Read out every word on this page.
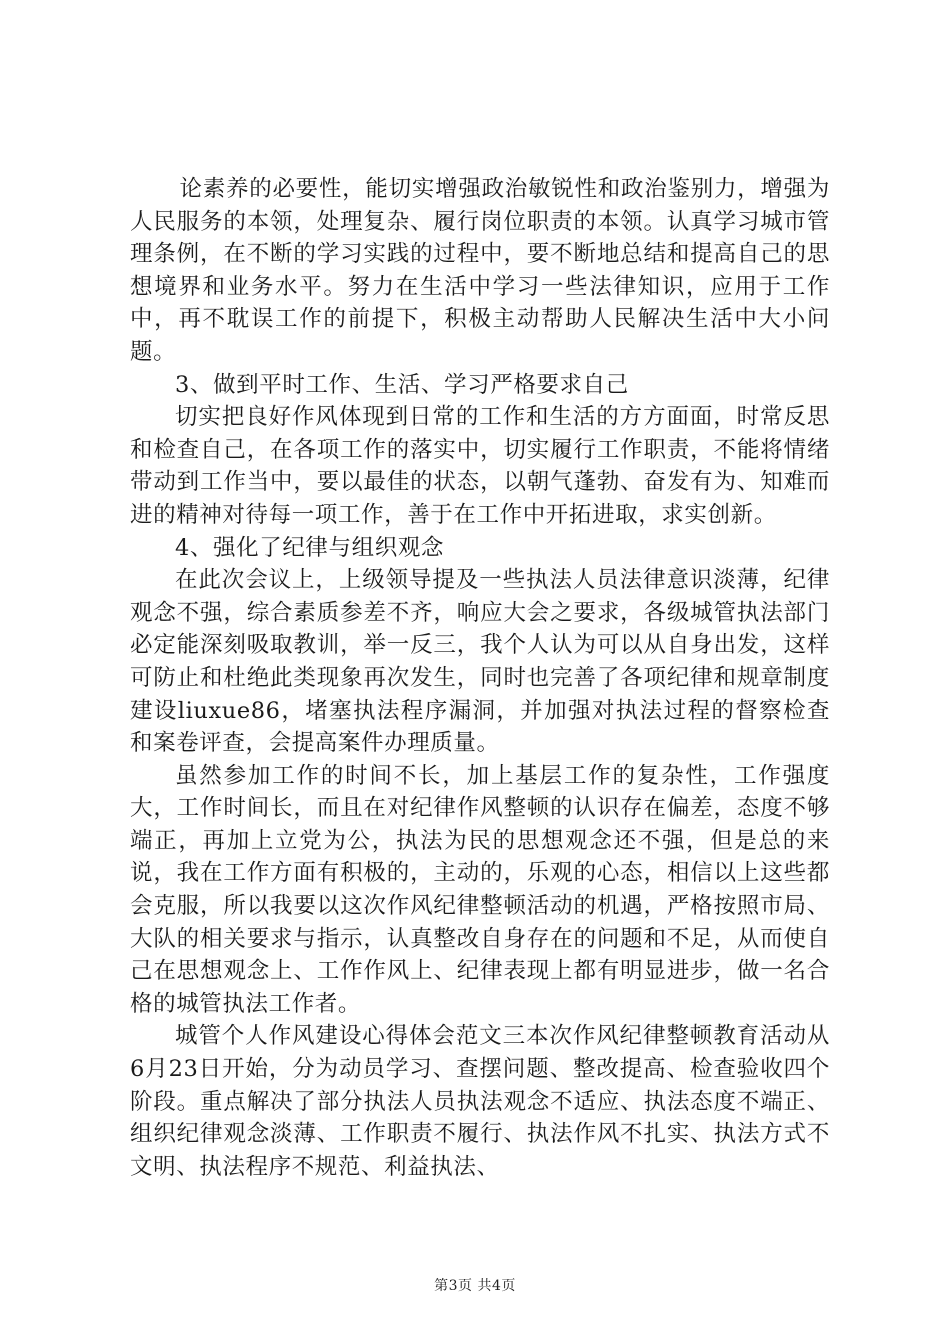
论素养的必要性，能切实增强政治敏锐性和政治鉴别力，增强为人民服务的本领，处理复杂、履行岗位职责的本领。认真学习城市管理条例，在不断的学习实践的过程中，要不断地总结和提高自己的思想境界和业务水平。努力在生活中学习一些法律知识，应用于工作中，再不耽误工作的前提下，积极主动帮助人民解决生活中大小问题。

3、做到平时工作、生活、学习严格要求自己

切实把良好作风体现到日常的工作和生活的方方面面，时常反思和检查自己，在各项工作的落实中，切实履行工作职责，不能将情绪带动到工作当中，要以最佳的状态，以朝气蓬勃、奋发有为、知难而进的精神对待每一项工作，善于在工作中开拓进取，求实创新。

4、强化了纪律与组织观念

在此次会议上，上级领导提及一些执法人员法律意识淡薄，纪律观念不强，综合素质参差不齐，响应大会之要求，各级城管执法部门必定能深刻吸取教训，举一反三，我个人认为可以从自身出发，这样可防止和杜绝此类现象再次发生，同时也完善了各项纪律和规章制度建设liuxue86，堵塞执法程序漏洞，并加强对执法过程的督察检查和案卷评查，会提高案件办理质量。

虽然参加工作的时间不长，加上基层工作的复杂性，工作强度大，工作时间长，而且在对纪律作风整顿的认识存在偏差，态度不够端正，再加上立党为公，执法为民的思想观念还不强，但是总的来说，我在工作方面有积极的，主动的，乐观的心态，相信以上这些都会克服，所以我要以这次作风纪律整顿活动的机遇，严格按照市局、大队的相关要求与指示，认真整改自身存在的问题和不足，从而使自己在思想观念上、工作作风上、纪律表现上都有明显进步，做一名合格的城管执法工作者。

城管个人作风建设心得体会范文三本次作风纪律整顿教育活动从6月23日开始，分为动员学习、查摆问题、整改提高、检查验收四个阶段。重点解决了部分执法人员执法观念不适应、执法态度不端正、组织纪律观念淡薄、工作职责不履行、执法作风不扎实、执法方式不文明、执法程序不规范、利益执法、

第3页 共4页
